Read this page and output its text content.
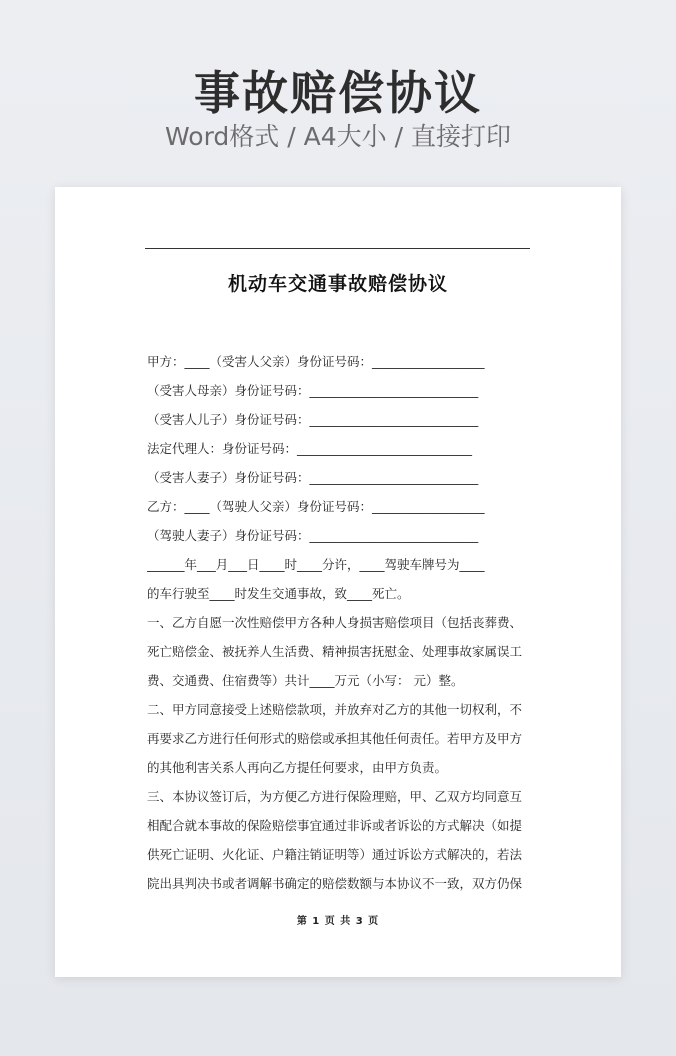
事故赔偿协议
Word格式 / A4大小 / 直接打印
机动车交通事故赔偿协议
甲方：____（受害人父亲）身份证号码：__________________
（受害人母亲）身份证号码：___________________________
（受害人儿子）身份证号码：___________________________
法定代理人：身份证号码：____________________________
（受害人妻子）身份证号码：___________________________
乙方：____（驾驶人父亲）身份证号码：__________________
（驾驶人妻子）身份证号码：___________________________
______年___月___日____时____分许，____驾驶车牌号为____
的车行驶至____时发生交通事故，致____死亡。
一、乙方自愿一次性赔偿甲方各种人身损害赔偿项目（包括丧葬费、
死亡赔偿金、被抚养人生活费、精神损害抚慰金、处理事故家属误工
费、交通费、住宿费等）共计____万元（小写： 元）整。
二、甲方同意接受上述赔偿款项，并放弃对乙方的其他一切权利，不
再要求乙方进行任何形式的赔偿或承担其他任何责任。若甲方及甲方
的其他利害关系人再向乙方提任何要求，由甲方负责。
三、本协议签订后，为方便乙方进行保险理赔，甲、乙双方均同意互
相配合就本事故的保险赔偿事宜通过非诉或者诉讼的方式解决（如提
供死亡证明、火化证、户籍注销证明等）通过诉讼方式解决的，若法
院出具判决书或者调解书确定的赔偿数额与本协议不一致，双方仍保
第 1 页 共 3 页
